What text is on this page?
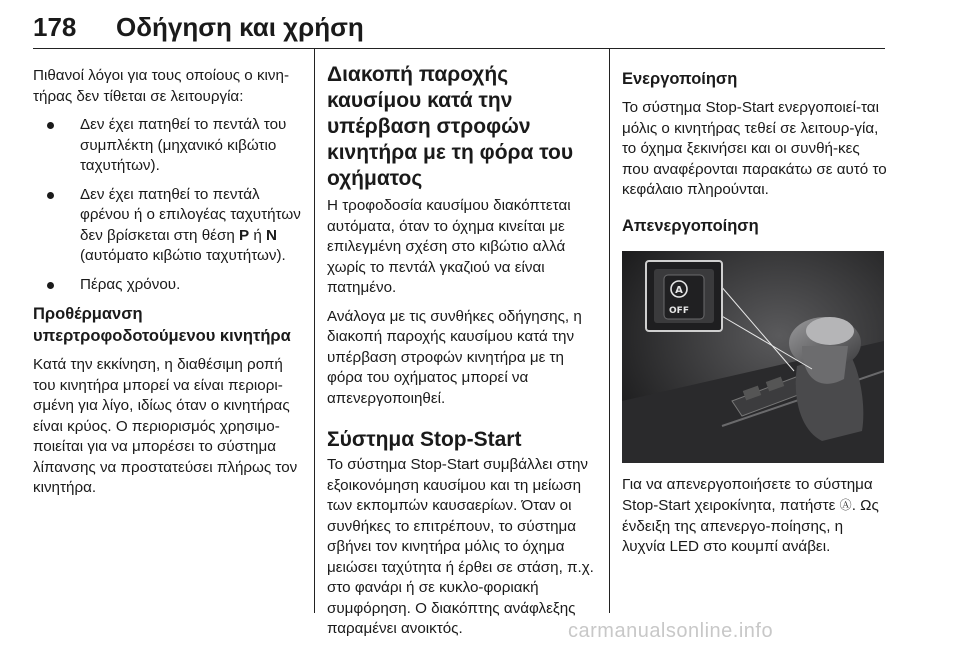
178 Οδήγηση και χρήση

Πιθανοί λόγοι για τους οποίους ο κινη-τήρας δεν τίθεται σε λειτουργία:

Δεν έχει πατηθεί το πεντάλ του συμπλέκτη (μηχανικό κιβώτιο ταχυτήτων).
Δεν έχει πατηθεί το πεντάλ φρένου ή ο επιλογέας ταχυτήτων δεν βρίσκεται στη θέση P ή N (αυτόματο κιβώτιο ταχυτήτων).
Πέρας χρόνου.
Προθέρμανση υπερτροφοδοτούμενου κινητήρα

Κατά την εκκίνηση, η διαθέσιμη ροπή του κινητήρα μπορεί να είναι περιορι-σμένη για λίγο, ιδίως όταν ο κινητήρας είναι κρύος. Ο περιορισμός χρησιμο-ποιείται για να μπορέσει το σύστημα λίπανσης να προστατεύσει πλήρως τον κινητήρα.

Διακοπή παροχής καυσίμου κατά την υπέρβαση στροφών κινητήρα με τη φόρα του οχήματος

Η τροφοδοσία καυσίμου διακόπτεται αυτόματα, όταν το όχημα κινείται με επιλεγμένη σχέση στο κιβώτιο αλλά χωρίς το πεντάλ γκαζιού να είναι πατημένο.

Ανάλογα με τις συνθήκες οδήγησης, η διακοπή παροχής καυσίμου κατά την υπέρβαση στροφών κινητήρα με τη φόρα του οχήματος μπορεί να απενεργοποιηθεί.

Σύστημα Stop-Start

Το σύστημα Stop-Start συμβάλλει στην εξοικονόμηση καυσίμου και τη μείωση των εκπομπών καυσαερίων. Όταν οι συνθήκες το επιτρέπουν, το σύστημα σβήνει τον κινητήρα μόλις το όχημα μειώσει ταχύτητα ή έρθει σε στάση, π.χ. στο φανάρι ή σε κυκλο-φοριακή συμφόρηση. Ο διακόπτης ανάφλεξης παραμένει ανοικτός.

Ενεργοποίηση

Το σύστημα Stop-Start ενεργοποιεί-ται μόλις ο κινητήρας τεθεί σε λειτουρ-γία, το όχημα ξεκινήσει και οι συνθή-κες που αναφέρονται παρακάτω σε αυτό το κεφάλαιο πληρούνται.

Απενεργοποίηση
A
OFF

Για να απενεργοποιήσετε το σύστημα Stop-Start χειροκίνητα, πατήστε Ⓐ. Ως ένδειξη της απενεργο-ποίησης, η λυχνία LED στο κουμπί ανάβει.

carmanualsonline.info
